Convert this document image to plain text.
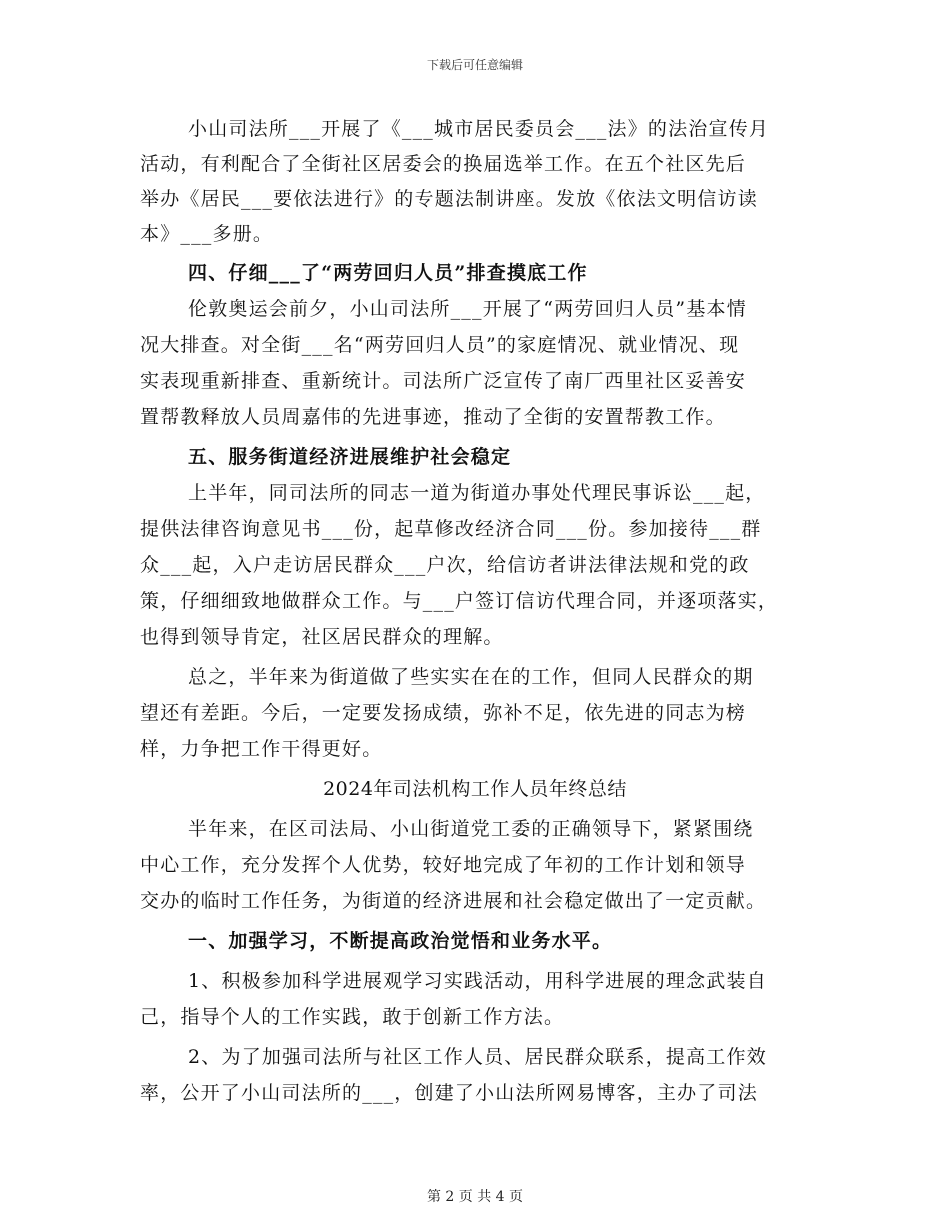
下载后可任意编辑
小山司法所___开展了《___城市居民委员会___法》的法治宣传月
活动，有利配合了全街社区居委会的换届选举工作。在五个社区先后
举办《居民___要依法进行》的专题法制讲座。发放《依法文明信访读
本》___多册。
四、仔细___了“两劳回归人员”排查摸底工作
伦敦奥运会前夕，小山司法所___开展了“两劳回归人员”基本情
况大排查。对全街___名“两劳回归人员”的家庭情况、就业情况、现
实表现重新排查、重新统计。司法所广泛宣传了南厂西里社区妥善安
置帮教释放人员周嘉伟的先进事迹，推动了全街的安置帮教工作。
五、服务街道经济进展维护社会稳定
上半年，同司法所的同志一道为街道办事处代理民事诉讼___起，
提供法律咨询意见书___份，起草修改经济合同___份。参加接待___群
众___起，入户走访居民群众___户次，给信访者讲法律法规和党的政
策，仔细细致地做群众工作。与___户签订信访代理合同，并逐项落实，
也得到领导肯定，社区居民群众的理解。
总之，半年来为街道做了些实实在在的工作，但同人民群众的期
望还有差距。今后，一定要发扬成绩，弥补不足，依先进的同志为榜
样，力争把工作干得更好。
2024年司法机构工作人员年终总结
半年来，在区司法局、小山街道党工委的正确领导下，紧紧围绕
中心工作，充分发挥个人优势，较好地完成了年初的工作计划和领导
交办的临时工作任务，为街道的经济进展和社会稳定做出了一定贡献。
一、加强学习，不断提高政治觉悟和业务水平。
1、积极参加科学进展观学习实践活动，用科学进展的理念武装自
己，指导个人的工作实践，敢于创新工作方法。
2、为了加强司法所与社区工作人员、居民群众联系，提高工作效
率，公开了小山司法所的___，创建了小山法所网易博客，主办了司法
第 2 页 共 4 页
